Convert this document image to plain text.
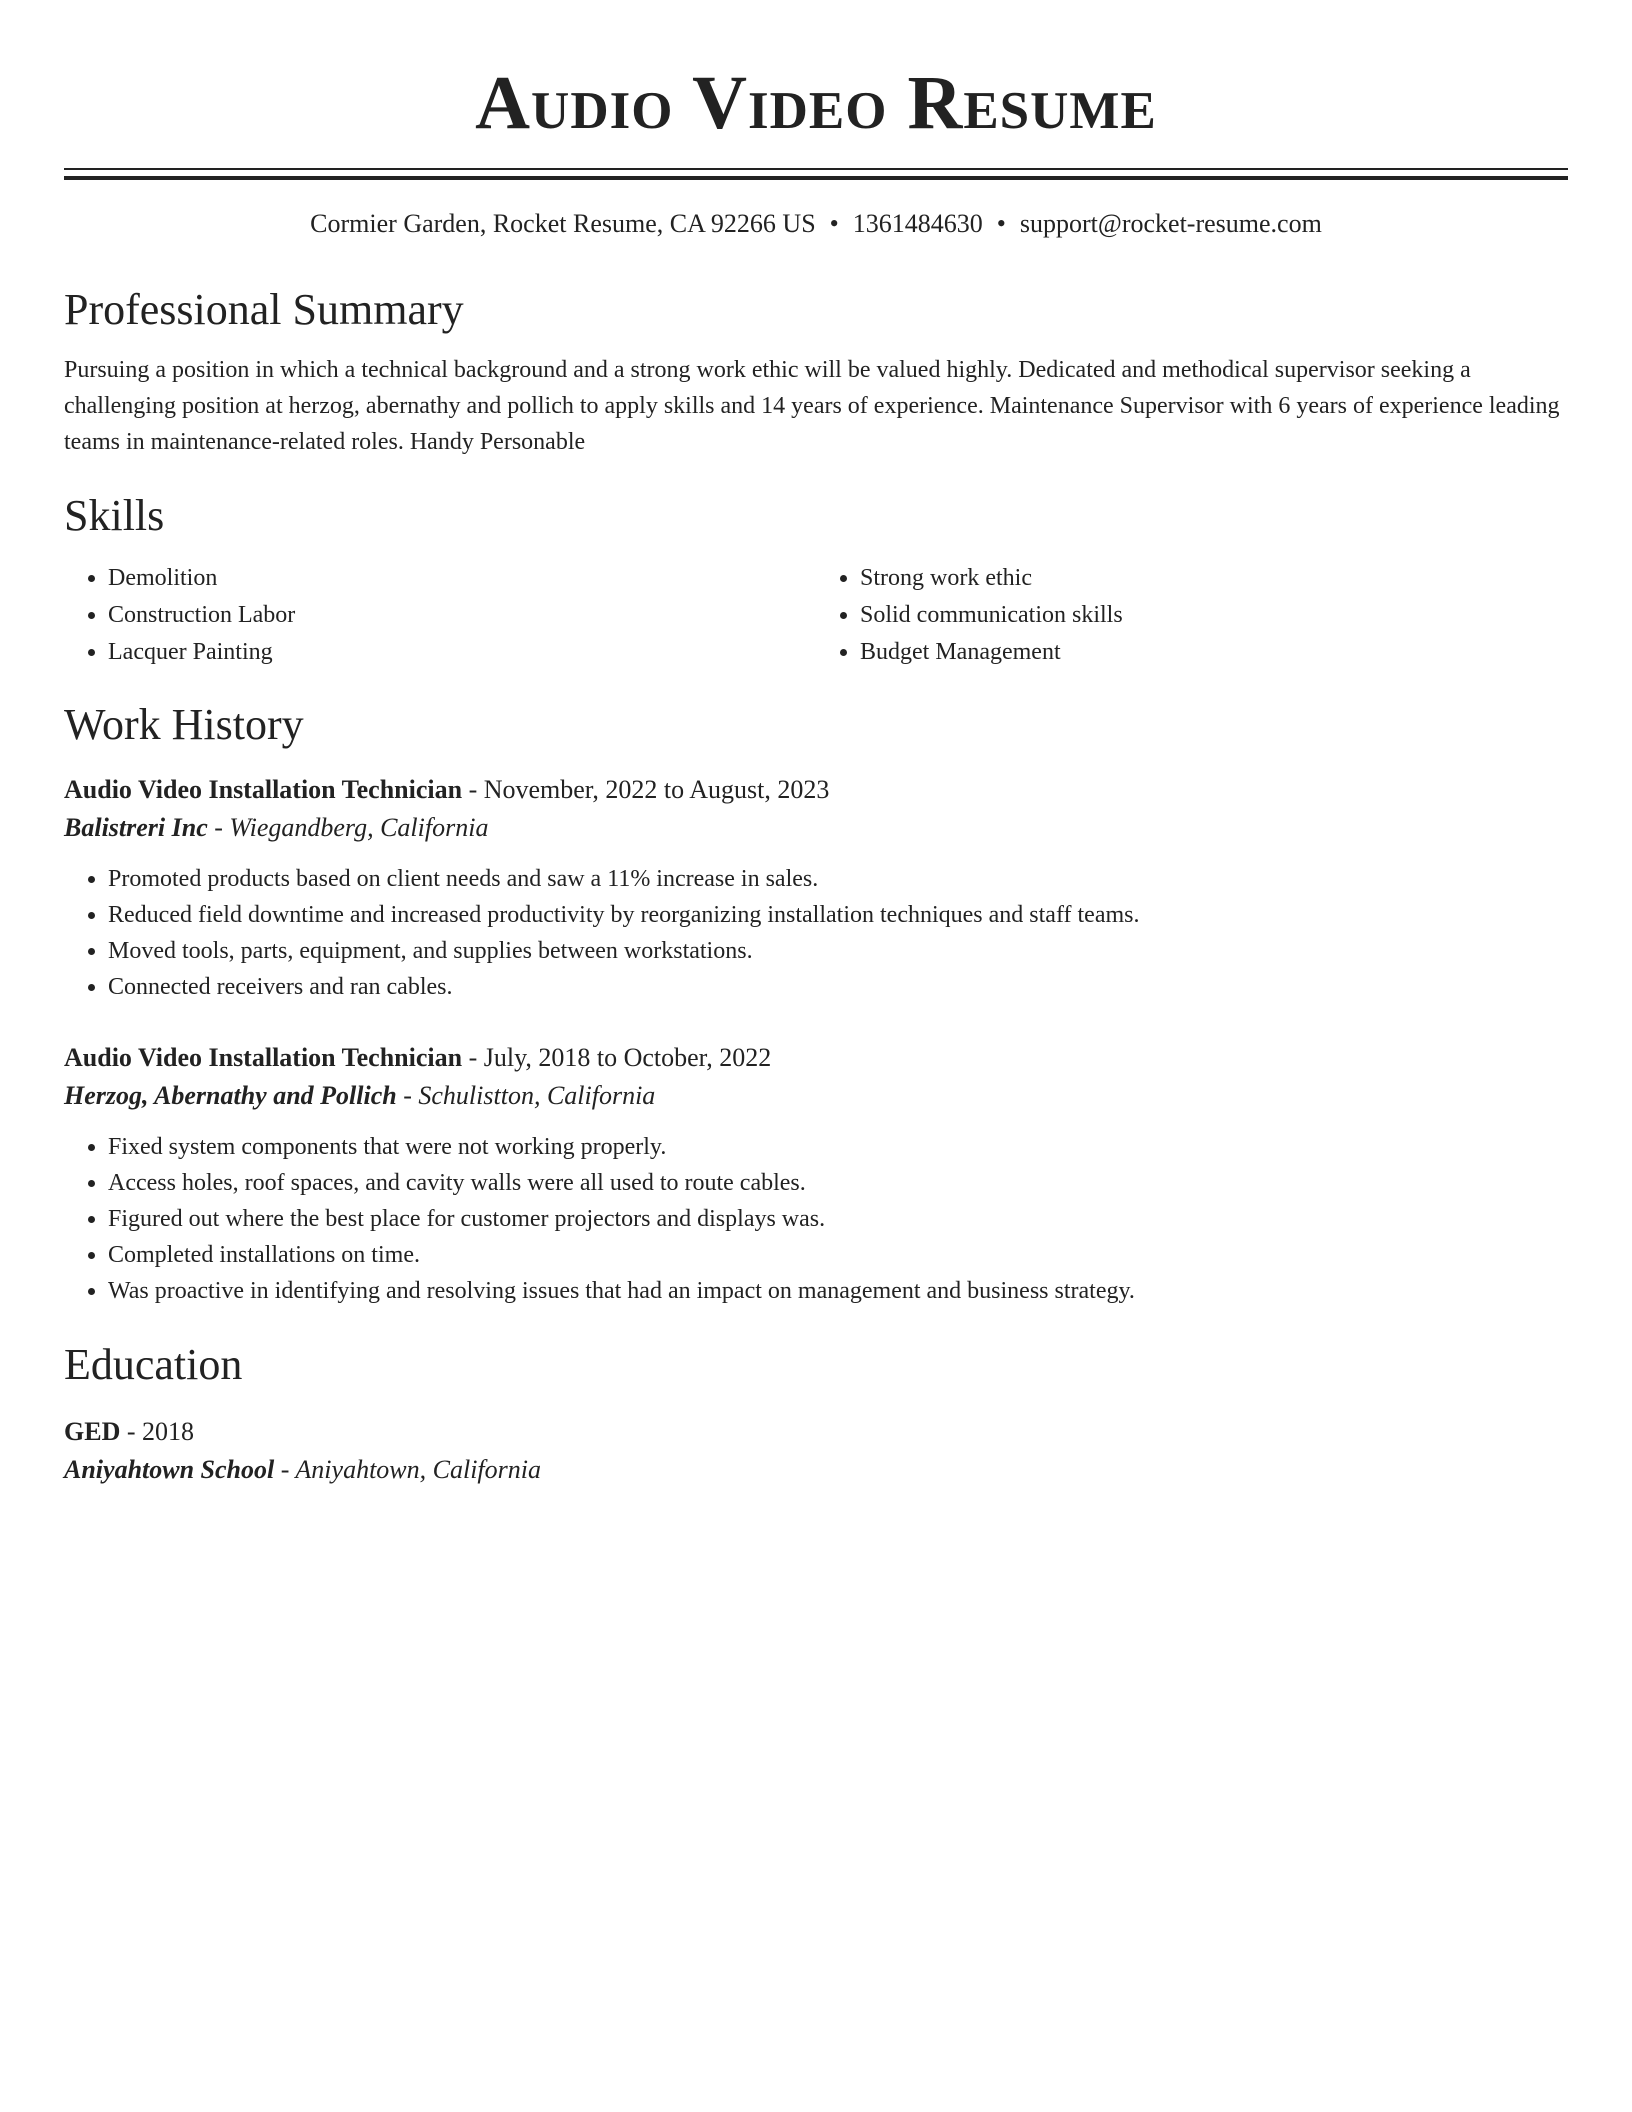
Audio Video Resume
Cormier Garden, Rocket Resume, CA 92266 US • 1361484630 • support@rocket-resume.com
Professional Summary
Pursuing a position in which a technical background and a strong work ethic will be valued highly. Dedicated and methodical supervisor seeking a challenging position at herzog, abernathy and pollich to apply skills and 14 years of experience. Maintenance Supervisor with 6 years of experience leading teams in maintenance-related roles. Handy Personable
Skills
• Demolition
• Construction Labor
• Lacquer Painting
• Strong work ethic
• Solid communication skills
• Budget Management
Work History
Audio Video Installation Technician - November, 2022 to August, 2023
Balistreri Inc - Wiegandberg, California
• Promoted products based on client needs and saw a 11% increase in sales.
• Reduced field downtime and increased productivity by reorganizing installation techniques and staff teams.
• Moved tools, parts, equipment, and supplies between workstations.
• Connected receivers and ran cables.
Audio Video Installation Technician - July, 2018 to October, 2022
Herzog, Abernathy and Pollich - Schulistton, California
• Fixed system components that were not working properly.
• Access holes, roof spaces, and cavity walls were all used to route cables.
• Figured out where the best place for customer projectors and displays was.
• Completed installations on time.
• Was proactive in identifying and resolving issues that had an impact on management and business strategy.
Education
GED - 2018
Aniyahtown School - Aniyahtown, California
